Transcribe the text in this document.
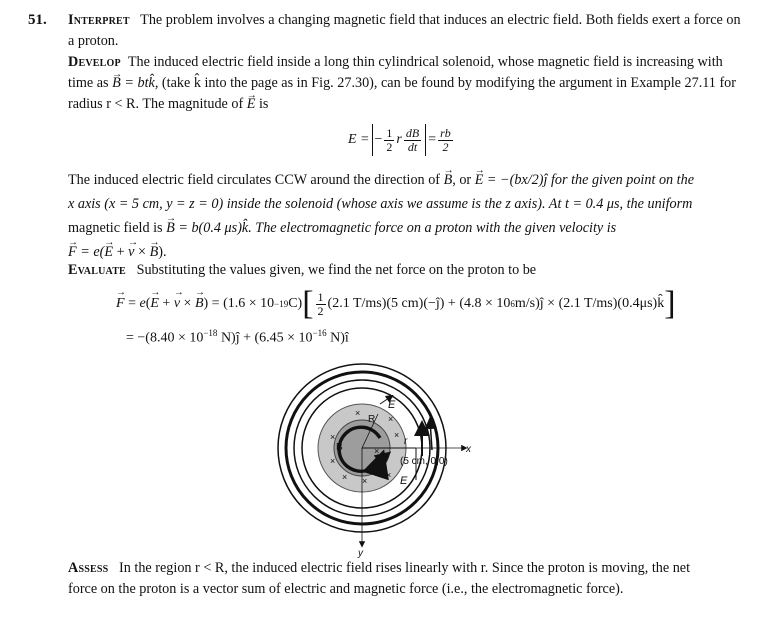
51. Interpret The problem involves a changing magnetic field that induces an electric field. Both fields exert a force on a proton.
Develop The induced electric field inside a long thin cylindrical solenoid, whose magnetic field is increasing with
time as → B = btk̂, (take k̂ into the page as in Fig. 27.30), can be found by modifying the argument in Example 27.11 for
radius r < R. The magnitude of → E is
E = − $\frac{1}{2}$ r $\frac{dB}{dt} = \frac{rb}{2}$
The induced electric field circulates CCW around the direction of → B, or → E = −(bx/2)ĵ for the given point on the
x axis (x = 5 cm, y = z = 0) inside the solenoid (whose axis we assume is the z axis). At t = 0.4 μs, the uniform
magnetic field is → B = b(0.4 μs)k̂. The electromagnetic force on a proton with the given velocity is
→ F = e(→ E + → v × → B).
Evaluate Substituting the values given, we find the net force on the proton to be
→ F = e ( → E + → v × → B ) = (1.6 × 10 −19 C) [ $\frac{1}{2} (2.1$ T/ms)(5 cm)(−ĵ) + (4.8 × 10 6 m/s)ĵ × (2.1 T/ms)(0.4μs)k̂ ]
= $-(8.40 \times 10^{-18}$ N)ĵ + ($6.45 \times 10^{-16}$ N)î
×
×
×
× ×
×
×
×
×
E
R
B
r
(5 cm, 0,0)
E
x
y
Assess In the region r < R, the induced electric field rises linearly with r. Since the proton is moving, the net
force on the proton is a vector sum of electric and magnetic force (i.e., the electromagnetic force).
